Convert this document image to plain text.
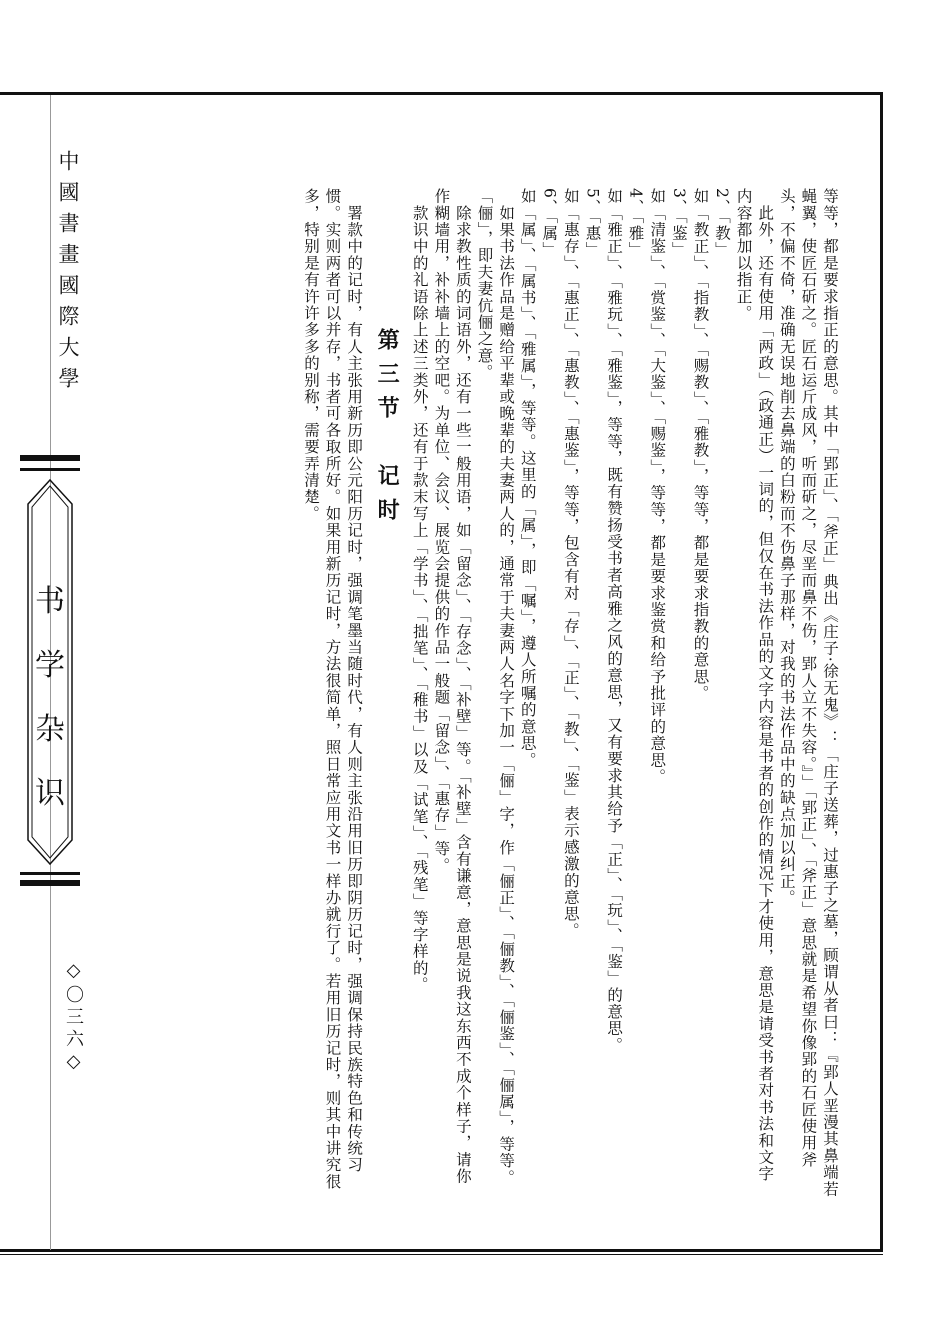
中國書畫國際大學
书
学
杂
识
◇〇三六◇	等等，都是要求指正的意思。其中「郢正」、「斧正」典出《庄子·徐无鬼》：「庄子送葬，过惠子之墓，顾谓从者曰：『郢人垩漫其鼻端若蝇翼，使匠石斫之。匠石运斤成风，听而斫之，尽垩而鼻不伤，郢人立不失容。』」「郢正」、「斧正」意思就是希望你像郢的石匠使用斧头，不偏不倚，准确无误地削去鼻端的白粉而不伤鼻子那样，对我的书法作品中的缺点加以纠正。

　此外，还有使用「两政」（政通正）一词的，但仅在书法作品的文字内容是书者的创作的情况下才使用，意思是请受书者对书法和文字内容都加以指正。

2、「教」

如「教正」、「指教」、「赐教」、「雅教」，等等，都是要求指教的意思。

3、「鉴」

如「清鉴」、「赏鉴」、「大鉴」、「赐鉴」，等等，都是要求鉴赏和给予批评的意思。

4、「雅」

如「雅正」、「雅玩」、「雅鉴」，等等，既有赞扬受书者高雅之风的意思，又有要求其给予「正」、「玩」、「鉴」的意思。

5、「惠」

如「惠存」、「惠正」、「惠教」、「惠鉴」，等等，包含有对「存」、「正」、「教」、「鉴」表示感激的意思。

6、「属」

如「属」、「属书」、「雅属」，等等。这里的「属」，即「嘱」，遵人所嘱的意思。

　如果书法作品是赠给平辈或晚辈的夫妻两人的，通常于夫妻两人名字下加一「俪」字，作「俪正」、「俪教」、「俪鉴」、「俪属」，等等。「俪」，即夫妻伉俪之意。

　除求教性质的词语外，还有一些一般用语，如「留念」、「存念」、「补壁」等。「补壁」含有谦意，意思是说我这东西不成个样子，请你作糊墙用，补补墙上的空吧。为单位、会议、展览会提供的作品一般题「留念」、「惠存」等。

　款识中的礼语除上述三类外，还有于款末写上「学书」、「拙笔」、「稚书」以及「试笔」、「残笔」等字样的。

第三节　记时

　署款中的记时，有人主张用新历即公元阳历记时，强调笔墨当随时代，有人则主张沿用旧历即阴历记时，强调保持民族特色和传统习惯。实则两者可以并存，书者可各取所好。如果用新历记时，方法很简单，照日常应用文书一样办就行了。若用旧历记时，则其中讲究很多，特别是有许许多多的别称，需要弄清楚。
